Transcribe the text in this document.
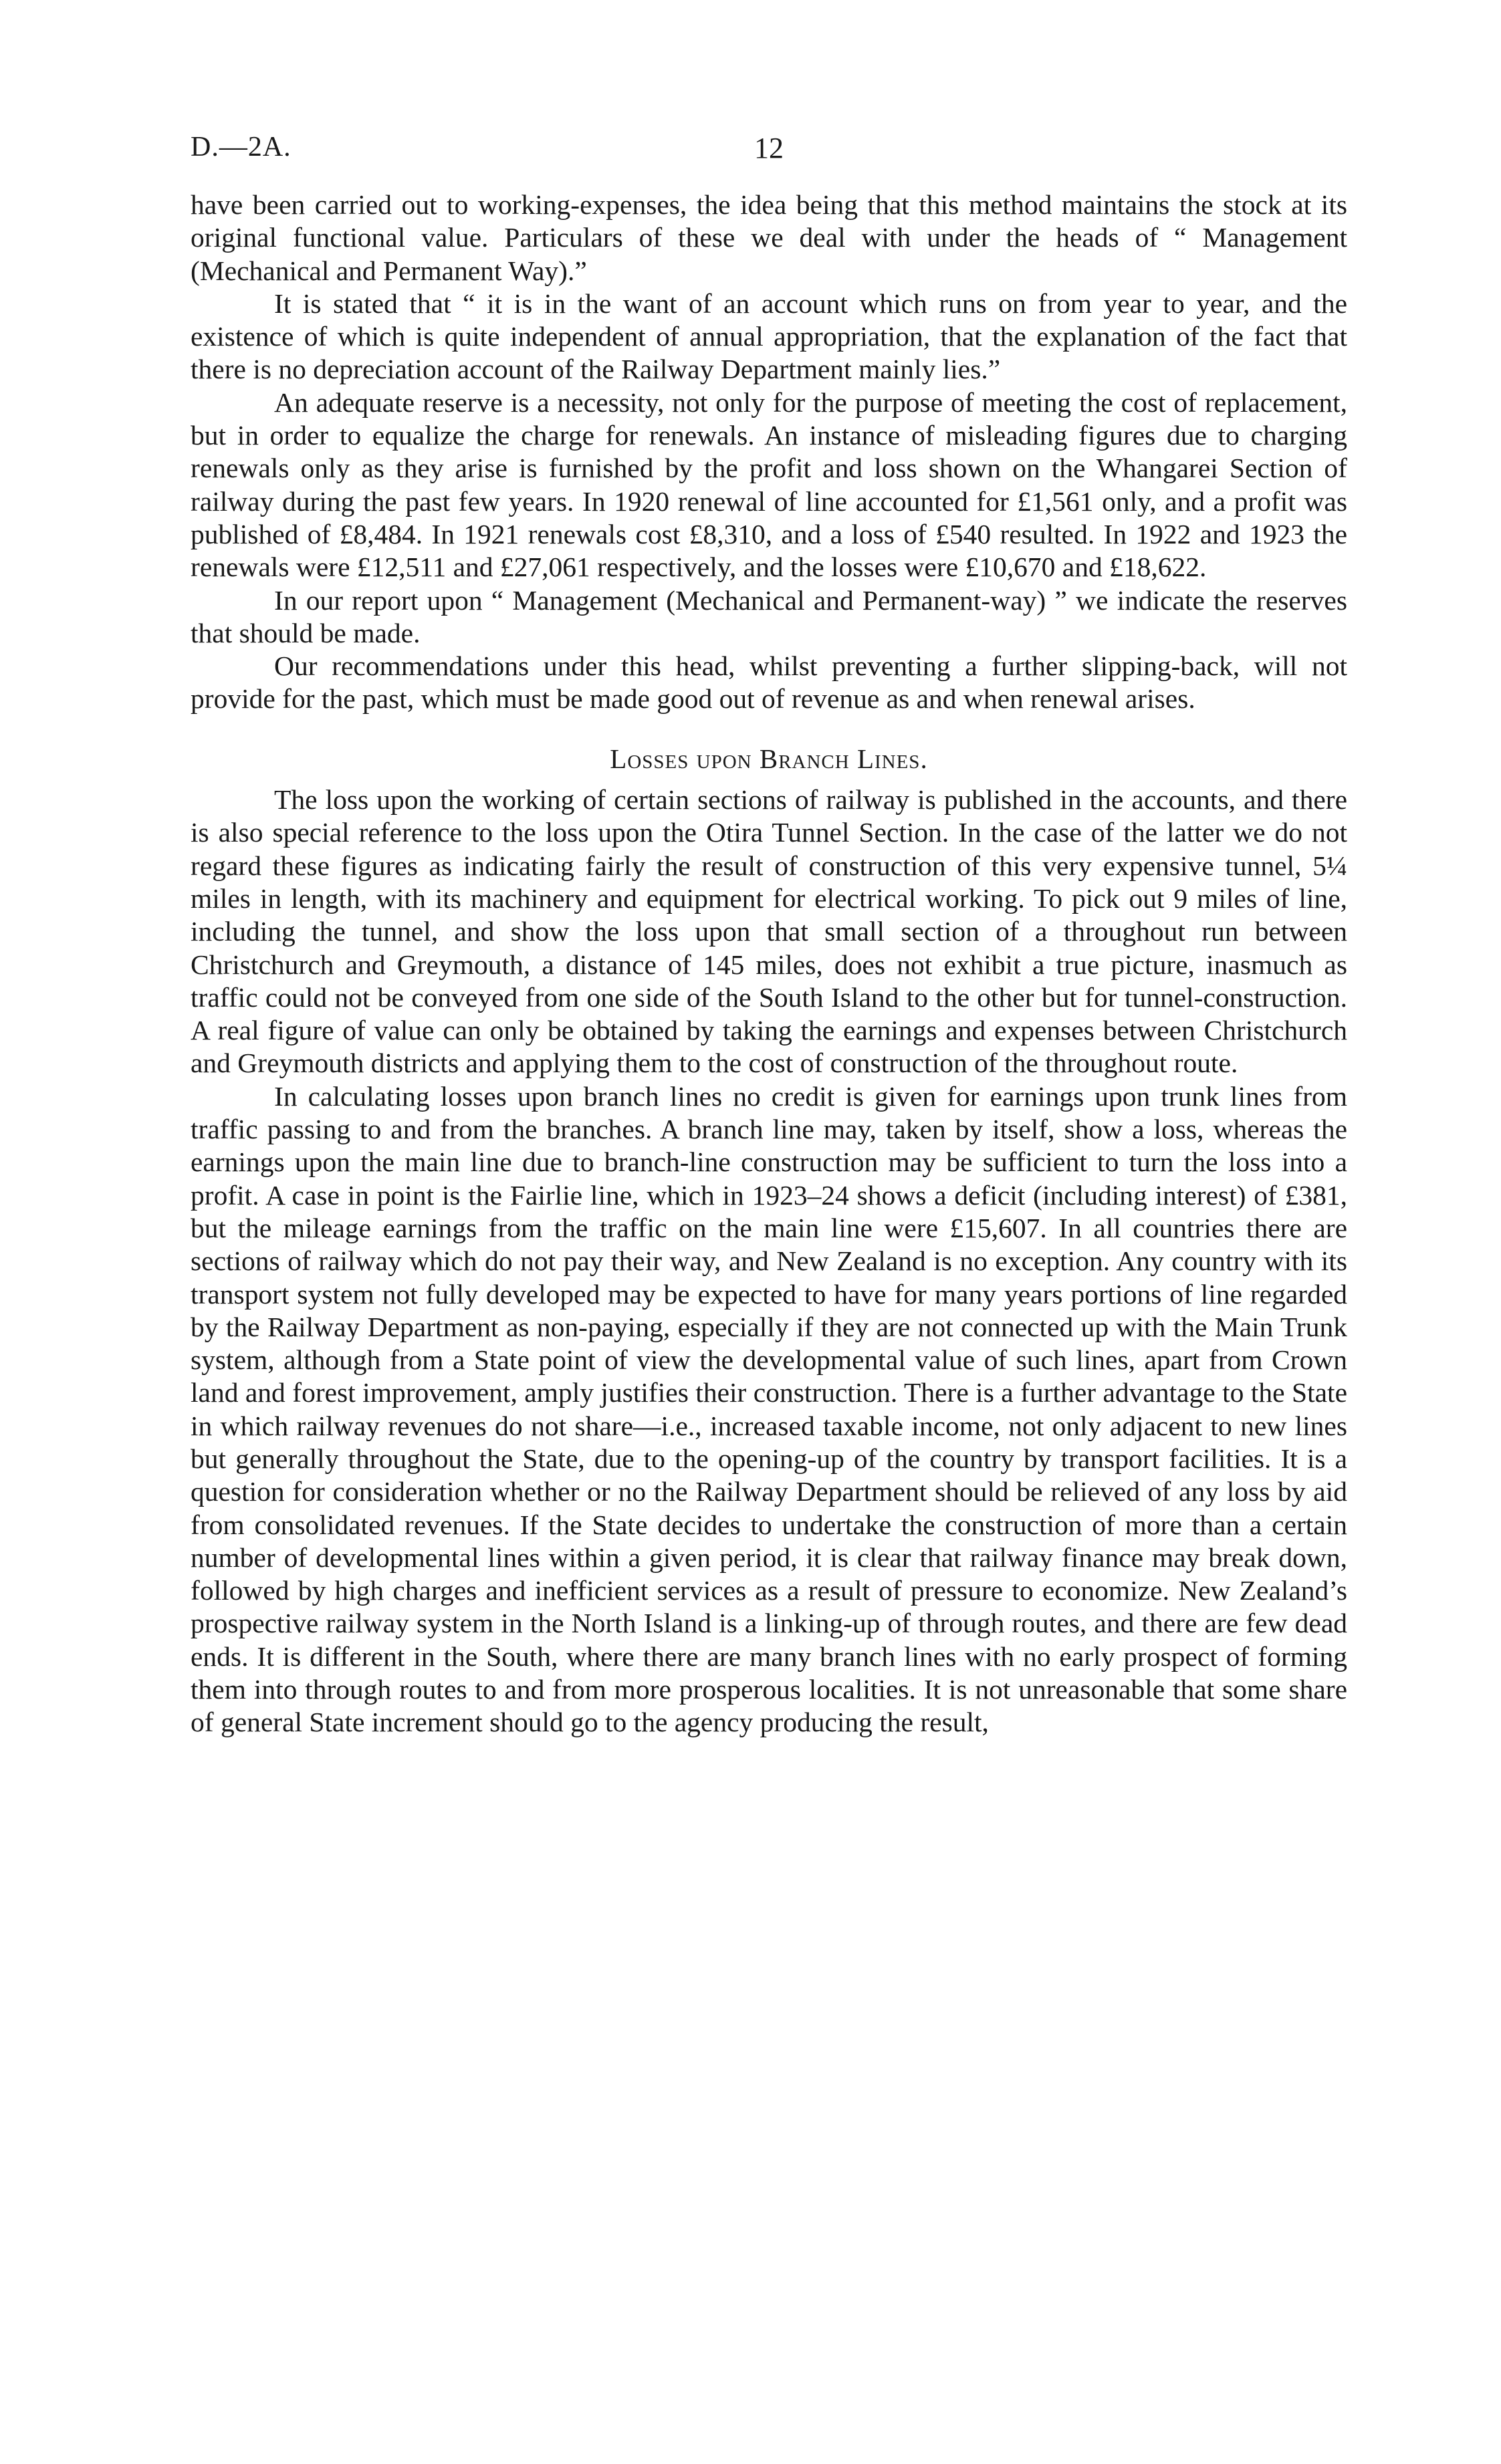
D.—2A.	12

have been carried out to working-expenses, the idea being that this method maintains the stock at its original functional value. Particulars of these we deal with under the heads of “ Management (Mechanical and Permanent Way).”

It is stated that “ it is in the want of an account which runs on from year to year, and the existence of which is quite independent of annual appropriation, that the explanation of the fact that there is no depreciation account of the Railway Department mainly lies.”

An adequate reserve is a necessity, not only for the purpose of meeting the cost of replacement, but in order to equalize the charge for renewals. An instance of misleading figures due to charging renewals only as they arise is furnished by the profit and loss shown on the Whangarei Section of railway during the past few years. In 1920 renewal of line accounted for £1,561 only, and a profit was published of £8,484. In 1921 renewals cost £8,310, and a loss of £540 resulted. In 1922 and 1923 the renewals were £12,511 and £27,061 respectively, and the losses were £10,670 and £18,622.

In our report upon “ Management (Mechanical and Permanent-way) ” we indicate the reserves that should be made.

Our recommendations under this head, whilst preventing a further slipping-back, will not provide for the past, which must be made good out of revenue as and when renewal arises.

Losses upon Branch Lines.

The loss upon the working of certain sections of railway is published in the accounts, and there is also special reference to the loss upon the Otira Tunnel Section. In the case of the latter we do not regard these figures as indicating fairly the result of construction of this very expensive tunnel, 5¼ miles in length, with its machinery and equipment for electrical working. To pick out 9 miles of line, including the tunnel, and show the loss upon that small section of a throughout run between Christchurch and Greymouth, a distance of 145 miles, does not exhibit a true picture, inasmuch as traffic could not be conveyed from one side of the South Island to the other but for tunnel-construction. A real figure of value can only be obtained by taking the earnings and expenses between Christchurch and Greymouth districts and applying them to the cost of construction of the throughout route.

In calculating losses upon branch lines no credit is given for earnings upon trunk lines from traffic passing to and from the branches. A branch line may, taken by itself, show a loss, whereas the earnings upon the main line due to branch-line construction may be sufficient to turn the loss into a profit. A case in point is the Fairlie line, which in 1923–24 shows a deficit (including interest) of £381, but the mileage earnings from the traffic on the main line were £15,607. In all countries there are sections of railway which do not pay their way, and New Zealand is no exception. Any country with its transport system not fully developed may be expected to have for many years portions of line regarded by the Railway Department as non-paying, especially if they are not connected up with the Main Trunk system, although from a State point of view the developmental value of such lines, apart from Crown land and forest improvement, amply justifies their construction. There is a further advantage to the State in which railway revenues do not share—i.e., increased taxable income, not only adjacent to new lines but generally throughout the State, due to the opening-up of the country by transport facilities. It is a question for consideration whether or no the Railway Department should be relieved of any loss by aid from consolidated revenues. If the State decides to undertake the construction of more than a certain number of developmental lines within a given period, it is clear that railway finance may break down, followed by high charges and inefficient services as a result of pressure to economize. New Zealand’s prospective railway system in the North Island is a linking-up of through routes, and there are few dead ends. It is different in the South, where there are many branch lines with no early prospect of forming them into through routes to and from more prosperous localities. It is not unreasonable that some share of general State increment should go to the agency producing the result,
